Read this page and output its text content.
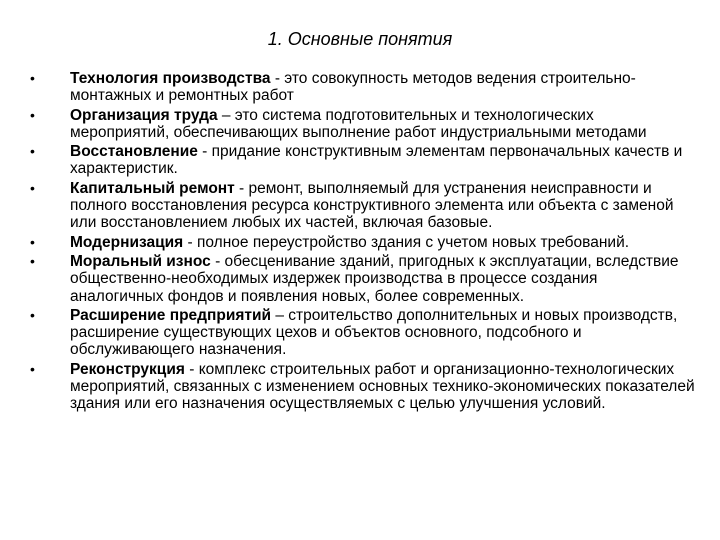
1. Основные понятия
•	Технология производства - это совокупность методов ведения строительно-монтажных и ремонтных работ
•	Организация труда – это система подготовительных и технологических мероприятий, обеспечивающих выполнение работ индустриальными методами
•	Восстановление - придание конструктивным элементам первоначальных качеств и характеристик.
•	Капитальный ремонт - ремонт, выполняемый для устранения неисправности и полного восстановления ресурса конструктивного элемента или объекта с заменой или восстановлением любых их частей, включая базовые.
•	Модернизация - полное переустройство здания с учетом новых требований.
•	Моральный износ - обесценивание зданий, пригодных к эксплуатации, вследствие общественно-необходимых издержек производства в процессе создания аналогичных фондов и появления новых, более современных.
•	Расширение предприятий – строительство дополнительных и новых производств, расширение существующих цехов и объектов основного, подсобного и обслуживающего назначения.
•	Реконструкция - комплекс строительных работ и организационно-технологических мероприятий, связанных с изменением основных технико-экономических показателей здания или его назначения осуществляемых с целью улучшения условий.
